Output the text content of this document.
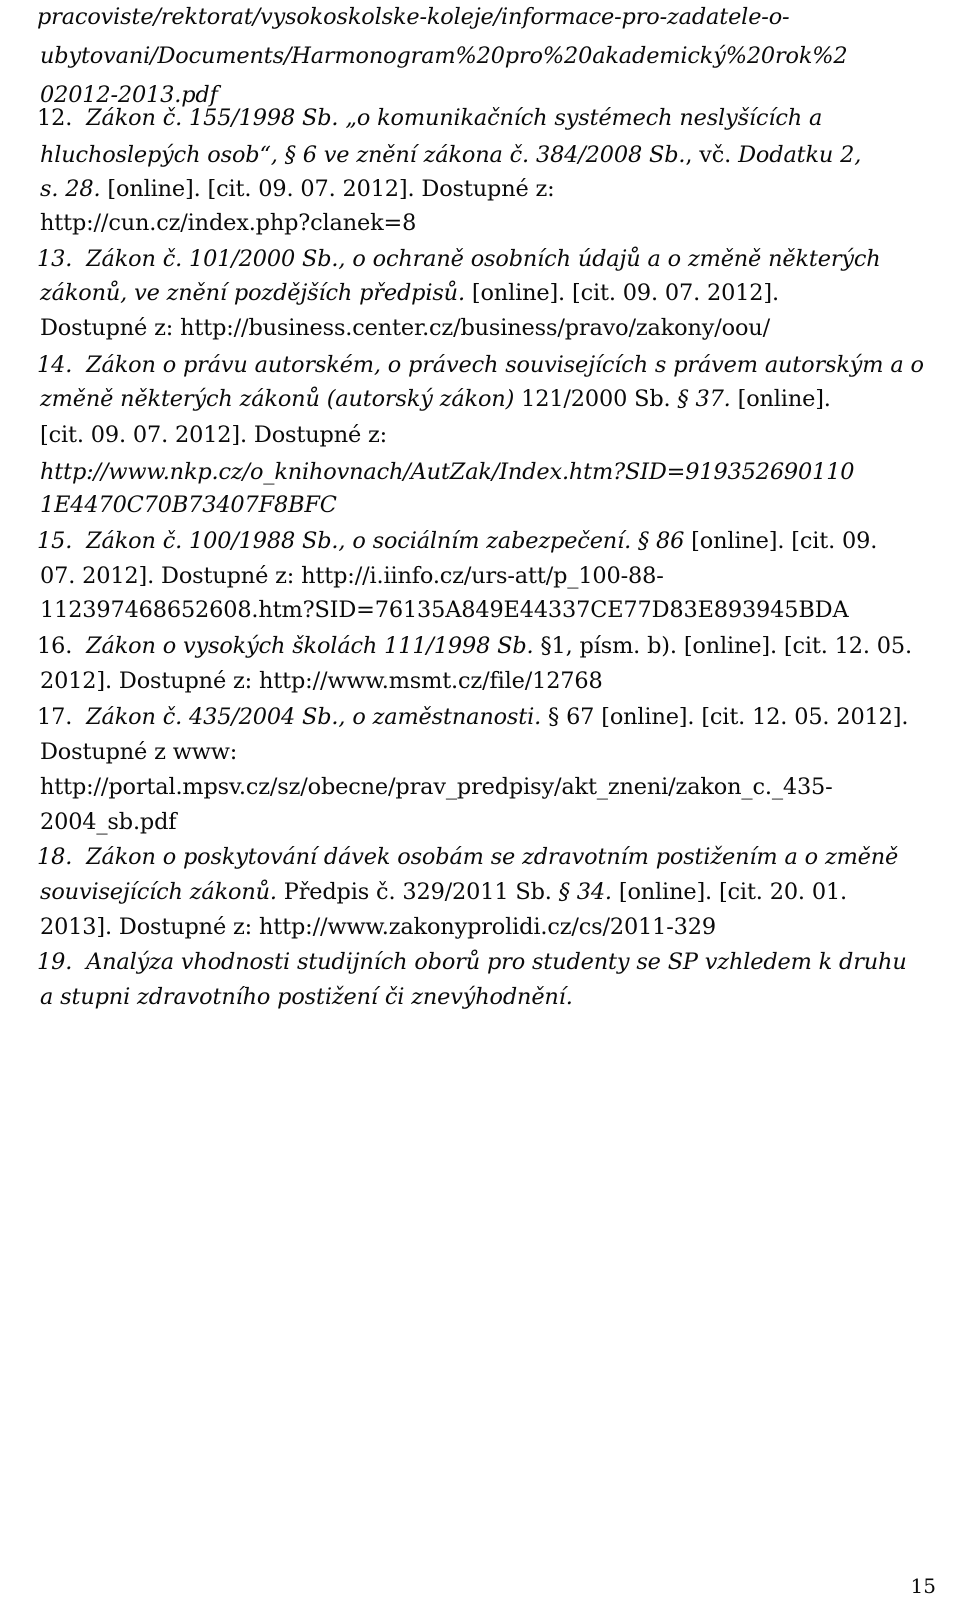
pracoviste/rektorat/vysokoskolske-koleje/informace-pro-zadatele-o-
ubytovani/Documents/Harmonogram%20pro%20akademický%20rok%2
02012-2013.pdf
12. Zákon č. 155/1998 Sb. „o komunikačních systémech neslyšících a
hluchoslepých osob“, § 6 ve znění zákona č. 384/2008 Sb., vč. Dodatku 2,
s. 28. [online]. [cit. 09. 07. 2012]. Dostupné z:
http://cun.cz/index.php?clanek=8
13. Zákon č. 101/2000 Sb., o ochraně osobních údajů a o změně některých
zákonů, ve znění pozdějších předpisů. [online]. [cit. 09. 07. 2012].
Dostupné z: http://business.center.cz/business/pravo/zakony/oou/
14. Zákon o právu autorském, o právech souvisejících s právem autorským a o
změně některých zákonů (autorský zákon) 121/2000 Sb. § 37. [online].
[cit. 09. 07. 2012]. Dostupné z:
http://www.nkp.cz/o_knihovnach/AutZak/Index.htm?SID=919352690110
1E4470C70B73407F8BFC
15. Zákon č. 100/1988 Sb., o sociálním zabezpečení. § 86 [online]. [cit. 09.
07. 2012]. Dostupné z: http://i.iinfo.cz/urs-att/p_100-88-
112397468652608.htm?SID=76135A849E44337CE77D83E893945BDA
16. Zákon o vysokých školách 111/1998 Sb. §1, písm. b). [online]. [cit. 12. 05.
2012]. Dostupné z: http://www.msmt.cz/file/12768
17. Zákon č. 435/2004 Sb., o zaměstnanosti. § 67 [online]. [cit. 12. 05. 2012].
Dostupné z www:
http://portal.mpsv.cz/sz/obecne/prav_predpisy/akt_zneni/zakon_c._435-
2004_sb.pdf
18. Zákon o poskytování dávek osobám se zdravotním postižením a o změně
souvisejících zákonů. Předpis č. 329/2011 Sb. § 34. [online]. [cit. 20. 01.
2013]. Dostupné z: http://www.zakonyprolidi.cz/cs/2011-329
19. Analýza vhodnosti studijních oborů pro studenty se SP vzhledem k druhu
a stupni zdravotního postižení či znevýhodnění.
15
